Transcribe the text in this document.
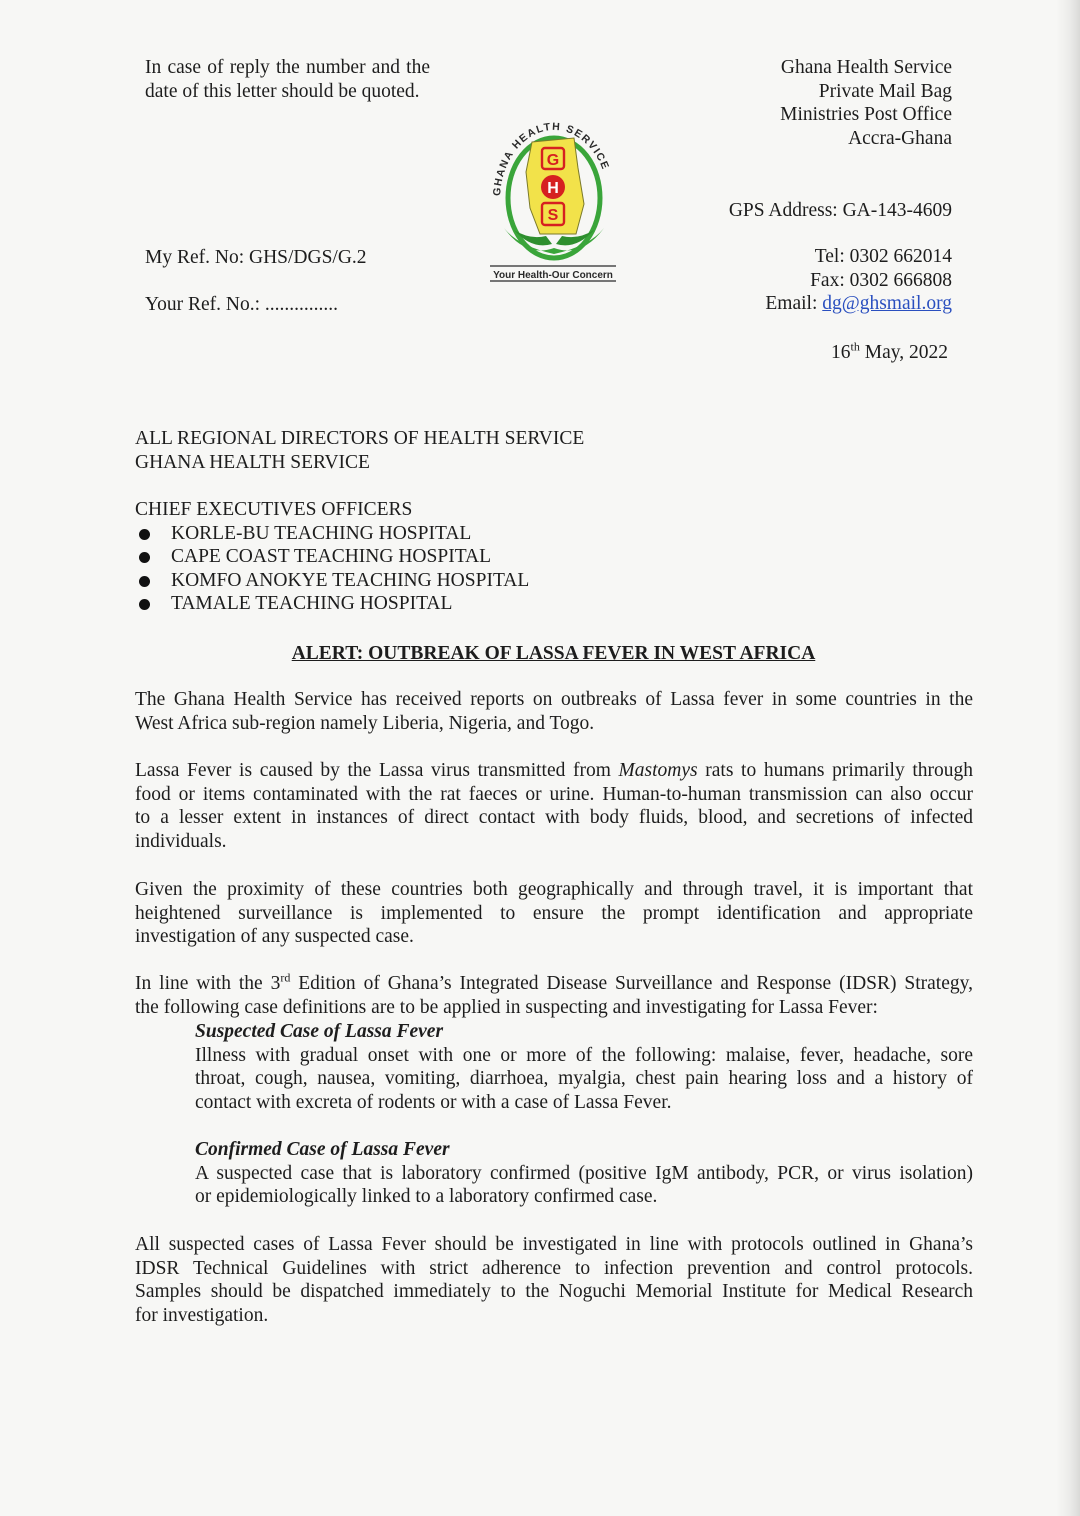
In case of reply the number and the date of this letter should be quoted.
Ghana Health Service
Private Mail Bag
Ministries Post Office
Accra-Ghana
GPS Address: GA-143-4609
Tel: 0302 662014
Fax: 0302 666808
Email: dg@ghsmail.org
My Ref. No: GHS/DGS/G.2
Your Ref. No.: ...............
16th May, 2022
GHANA HEALTH SERVICE
G
H
S
Your Health-Our Concern
ALL REGIONAL DIRECTORS OF HEALTH SERVICE
GHANA HEALTH SERVICE
CHIEF EXECUTIVES OFFICERS
KORLE-BU TEACHING HOSPITAL
CAPE COAST TEACHING HOSPITAL
KOMFO ANOKYE TEACHING HOSPITAL
TAMALE TEACHING HOSPITAL
ALERT: OUTBREAK OF LASSA FEVER IN WEST AFRICA
The Ghana Health Service has received reports on outbreaks of Lassa fever in some countries in the
West Africa sub-region namely Liberia, Nigeria, and Togo.
Lassa Fever is caused by the Lassa virus transmitted from Mastomys rats to humans primarily through
food or items contaminated with the rat faeces or urine. Human-to-human transmission can also occur
to a lesser extent in instances of direct contact with body fluids, blood, and secretions of infected
individuals.
Given the proximity of these countries both geographically and through travel, it is important that
heightened surveillance is implemented to ensure the prompt identification and appropriate
investigation of any suspected case.
In line with the 3rd Edition of Ghana’s Integrated Disease Surveillance and Response (IDSR) Strategy,
the following case definitions are to be applied in suspecting and investigating for Lassa Fever:
Suspected Case of Lassa Fever
Illness with gradual onset with one or more of the following: malaise, fever, headache, sore
throat, cough, nausea, vomiting, diarrhoea, myalgia, chest pain hearing loss and a history of
contact with excreta of rodents or with a case of Lassa Fever.
Confirmed Case of Lassa Fever
A suspected case that is laboratory confirmed (positive IgM antibody, PCR, or virus isolation)
or epidemiologically linked to a laboratory confirmed case.
All suspected cases of Lassa Fever should be investigated in line with protocols outlined in Ghana’s
IDSR Technical Guidelines with strict adherence to infection prevention and control protocols.
Samples should be dispatched immediately to the Noguchi Memorial Institute for Medical Research
for investigation.
